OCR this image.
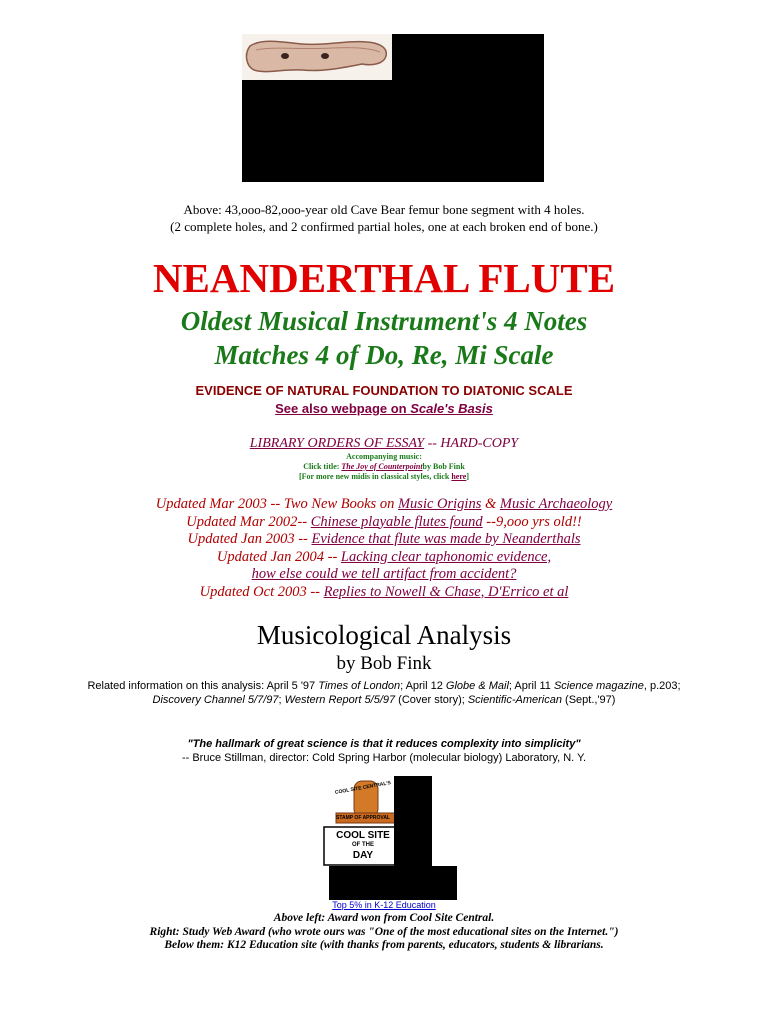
Above: 43,ooo-82,ooo-year old Cave Bear femur bone segment with 4 holes.
(2 complete holes, and 2 confirmed partial holes, one at each broken end of bone.)
NEANDERTHAL FLUTE
Oldest Musical Instrument's 4 Notes
Matches 4 of Do, Re, Mi Scale
EVIDENCE OF NATURAL FOUNDATION TO DIATONIC SCALE
See also webpage on Scale's Basis
LIBRARY ORDERS OF ESSAY -- HARD-COPY
Accompanying music:
Click title: The Joy of Counterpointby Bob Fink
[For more new midis in classical styles, click here]
Updated Mar 2003 -- Two New Books on Music Origins & Music Archaeology
Updated Mar 2002-- Chinese playable flutes found --9,ooo yrs old!!
Updated Jan 2003 -- Evidence that flute was made by Neanderthals
Updated Jan 2004 -- Lacking clear taphonomic evidence,
how else could we tell artifact from accident?
Updated Oct 2003 -- Replies to Nowell & Chase, D'Errico et al
Musicological Analysis
by Bob Fink
Related information on this analysis: April 5 '97 Times of London; April 12 Globe & Mail; April 11 Science magazine, p.203;
Discovery Channel 5/7/97; Western Report 5/5/97 (Cover story); Scientific-American (Sept.,'97)
"The hallmark of great science is that it reduces complexity into simplicity"
-- Bruce Stillman, director: Cold Spring Harbor (molecular biology) Laboratory, N. Y.
COOL SITE CENTRAL'S
STAMP OF APPROVAL
COOL SITE
OF THE
DAY
Top 5% in K-12 Education
Above left: Award won from Cool Site Central.
Right: Study Web Award (who wrote ours was "One of the most educational sites on the Internet.")
Below them: K12 Education site (with thanks from parents, educators, students & librarians.
